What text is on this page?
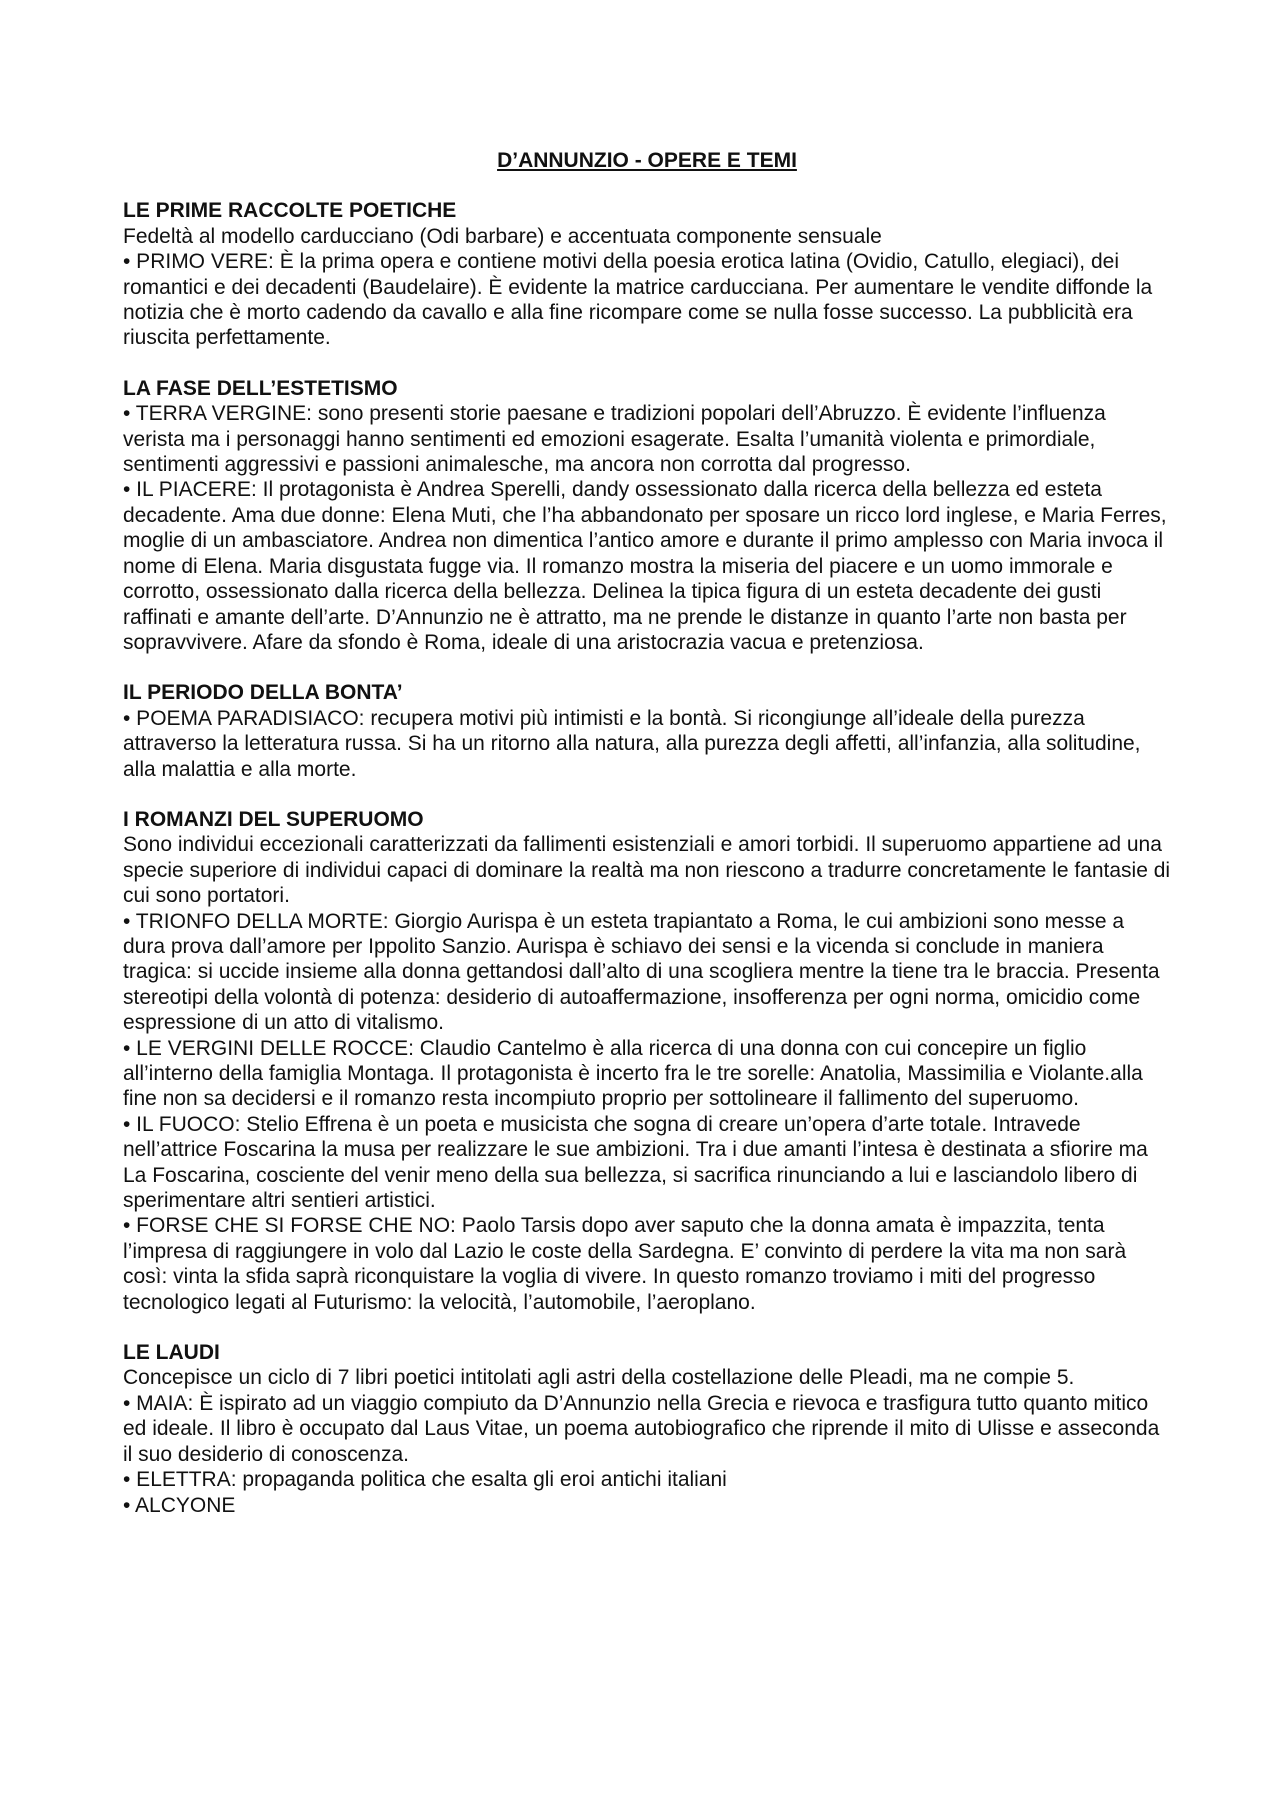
D’ANNUNZIO - OPERE E TEMI
LE PRIME RACCOLTE POETICHE

Fedeltà al modello carducciano (Odi barbare) e accentuata componente sensuale

• PRIMO VERE: È la prima opera e contiene motivi della poesia erotica latina (Ovidio, Catullo, elegiaci), dei romantici e dei decadenti (Baudelaire). È evidente la matrice carducciana. Per aumentare le vendite diffonde la notizia che è morto cadendo da cavallo e alla fine ricompare come se nulla fosse successo. La pubblicità era riuscita perfettamente.

LA FASE DELL’ESTETISMO

• TERRA VERGINE: sono presenti storie paesane e tradizioni popolari dell’Abruzzo. È evidente l’influenza verista ma i personaggi hanno sentimenti ed emozioni esagerate. Esalta l’umanità violenta e primordiale, sentimenti aggressivi e passioni animalesche, ma ancora non corrotta dal progresso.

• IL PIACERE: Il protagonista è Andrea Sperelli, dandy ossessionato dalla ricerca della bellezza ed esteta decadente. Ama due donne: Elena Muti, che l’ha abbandonato per sposare un ricco lord inglese, e Maria Ferres, moglie di un ambasciatore. Andrea non dimentica l’antico amore e durante il primo amplesso con Maria invoca il nome di Elena. Maria disgustata fugge via. Il romanzo mostra la miseria del piacere e un uomo immorale e corrotto, ossessionato dalla ricerca della bellezza. Delinea la tipica figura di un esteta decadente dei gusti raffinati e amante dell’arte. D’Annunzio ne è attratto, ma ne prende le distanze in quanto l’arte non basta per sopravvivere. Afare da sfondo è Roma, ideale di una aristocrazia vacua e pretenziosa.

IL PERIODO DELLA BONTA’

• POEMA PARADISIACO: recupera motivi più intimisti e la bontà. Si ricongiunge all’ideale della purezza attraverso la letteratura russa. Si ha un ritorno alla natura, alla purezza degli affetti, all’infanzia, alla solitudine, alla malattia e alla morte.

I ROMANZI DEL SUPERUOMO

Sono individui eccezionali caratterizzati da fallimenti esistenziali e amori torbidi. Il superuomo appartiene ad una specie superiore di individui capaci di dominare la realtà ma non riescono a tradurre concretamente le fantasie di cui sono portatori.

• TRIONFO DELLA MORTE: Giorgio Aurispa è un esteta trapiantato a Roma, le cui ambizioni sono messe a dura prova dall’amore per Ippolito Sanzio. Aurispa è schiavo dei sensi e la vicenda si conclude in maniera tragica: si uccide insieme alla donna gettandosi dall’alto di una scogliera mentre la tiene tra le braccia. Presenta stereotipi della volontà di potenza: desiderio di autoaffermazione, insofferenza per ogni norma, omicidio come espressione di un atto di vitalismo.

• LE VERGINI DELLE ROCCE: Claudio Cantelmo è alla ricerca di una donna con cui concepire un figlio all’interno della famiglia Montaga. Il protagonista è incerto fra le tre sorelle: Anatolia, Massimilia e Violante.alla fine non sa decidersi e il romanzo resta incompiuto proprio per sottolineare il fallimento del superuomo.

• IL FUOCO: Stelio Effrena è un poeta e musicista che sogna di creare un’opera d’arte totale. Intravede nell’attrice Foscarina la musa per realizzare le sue ambizioni. Tra i due amanti l’intesa è destinata a sfiorire ma La Foscarina, cosciente del venir meno della sua bellezza, si sacrifica rinunciando a lui e lasciandolo libero di sperimentare altri sentieri artistici.

• FORSE CHE SI FORSE CHE NO: Paolo Tarsis dopo aver saputo che la donna amata è impazzita, tenta l’impresa di raggiungere in volo dal Lazio le coste della Sardegna. E’ convinto di perdere la vita ma non sarà così: vinta la sfida saprà riconquistare la voglia di vivere. In questo romanzo troviamo i miti del progresso tecnologico legati al Futurismo: la velocità, l’automobile, l’aeroplano.

LE LAUDI

Concepisce un ciclo di 7 libri poetici intitolati agli astri della costellazione delle Pleadi, ma ne compie 5.

• MAIA: È ispirato ad un viaggio compiuto da D’Annunzio nella Grecia e rievoca e trasfigura tutto quanto mitico ed ideale. Il libro è occupato dal Laus Vitae, un poema autobiografico che riprende il mito di Ulisse e asseconda il suo desiderio di conoscenza.

• ELETTRA: propaganda politica che esalta gli eroi antichi italiani

• ALCYONE
